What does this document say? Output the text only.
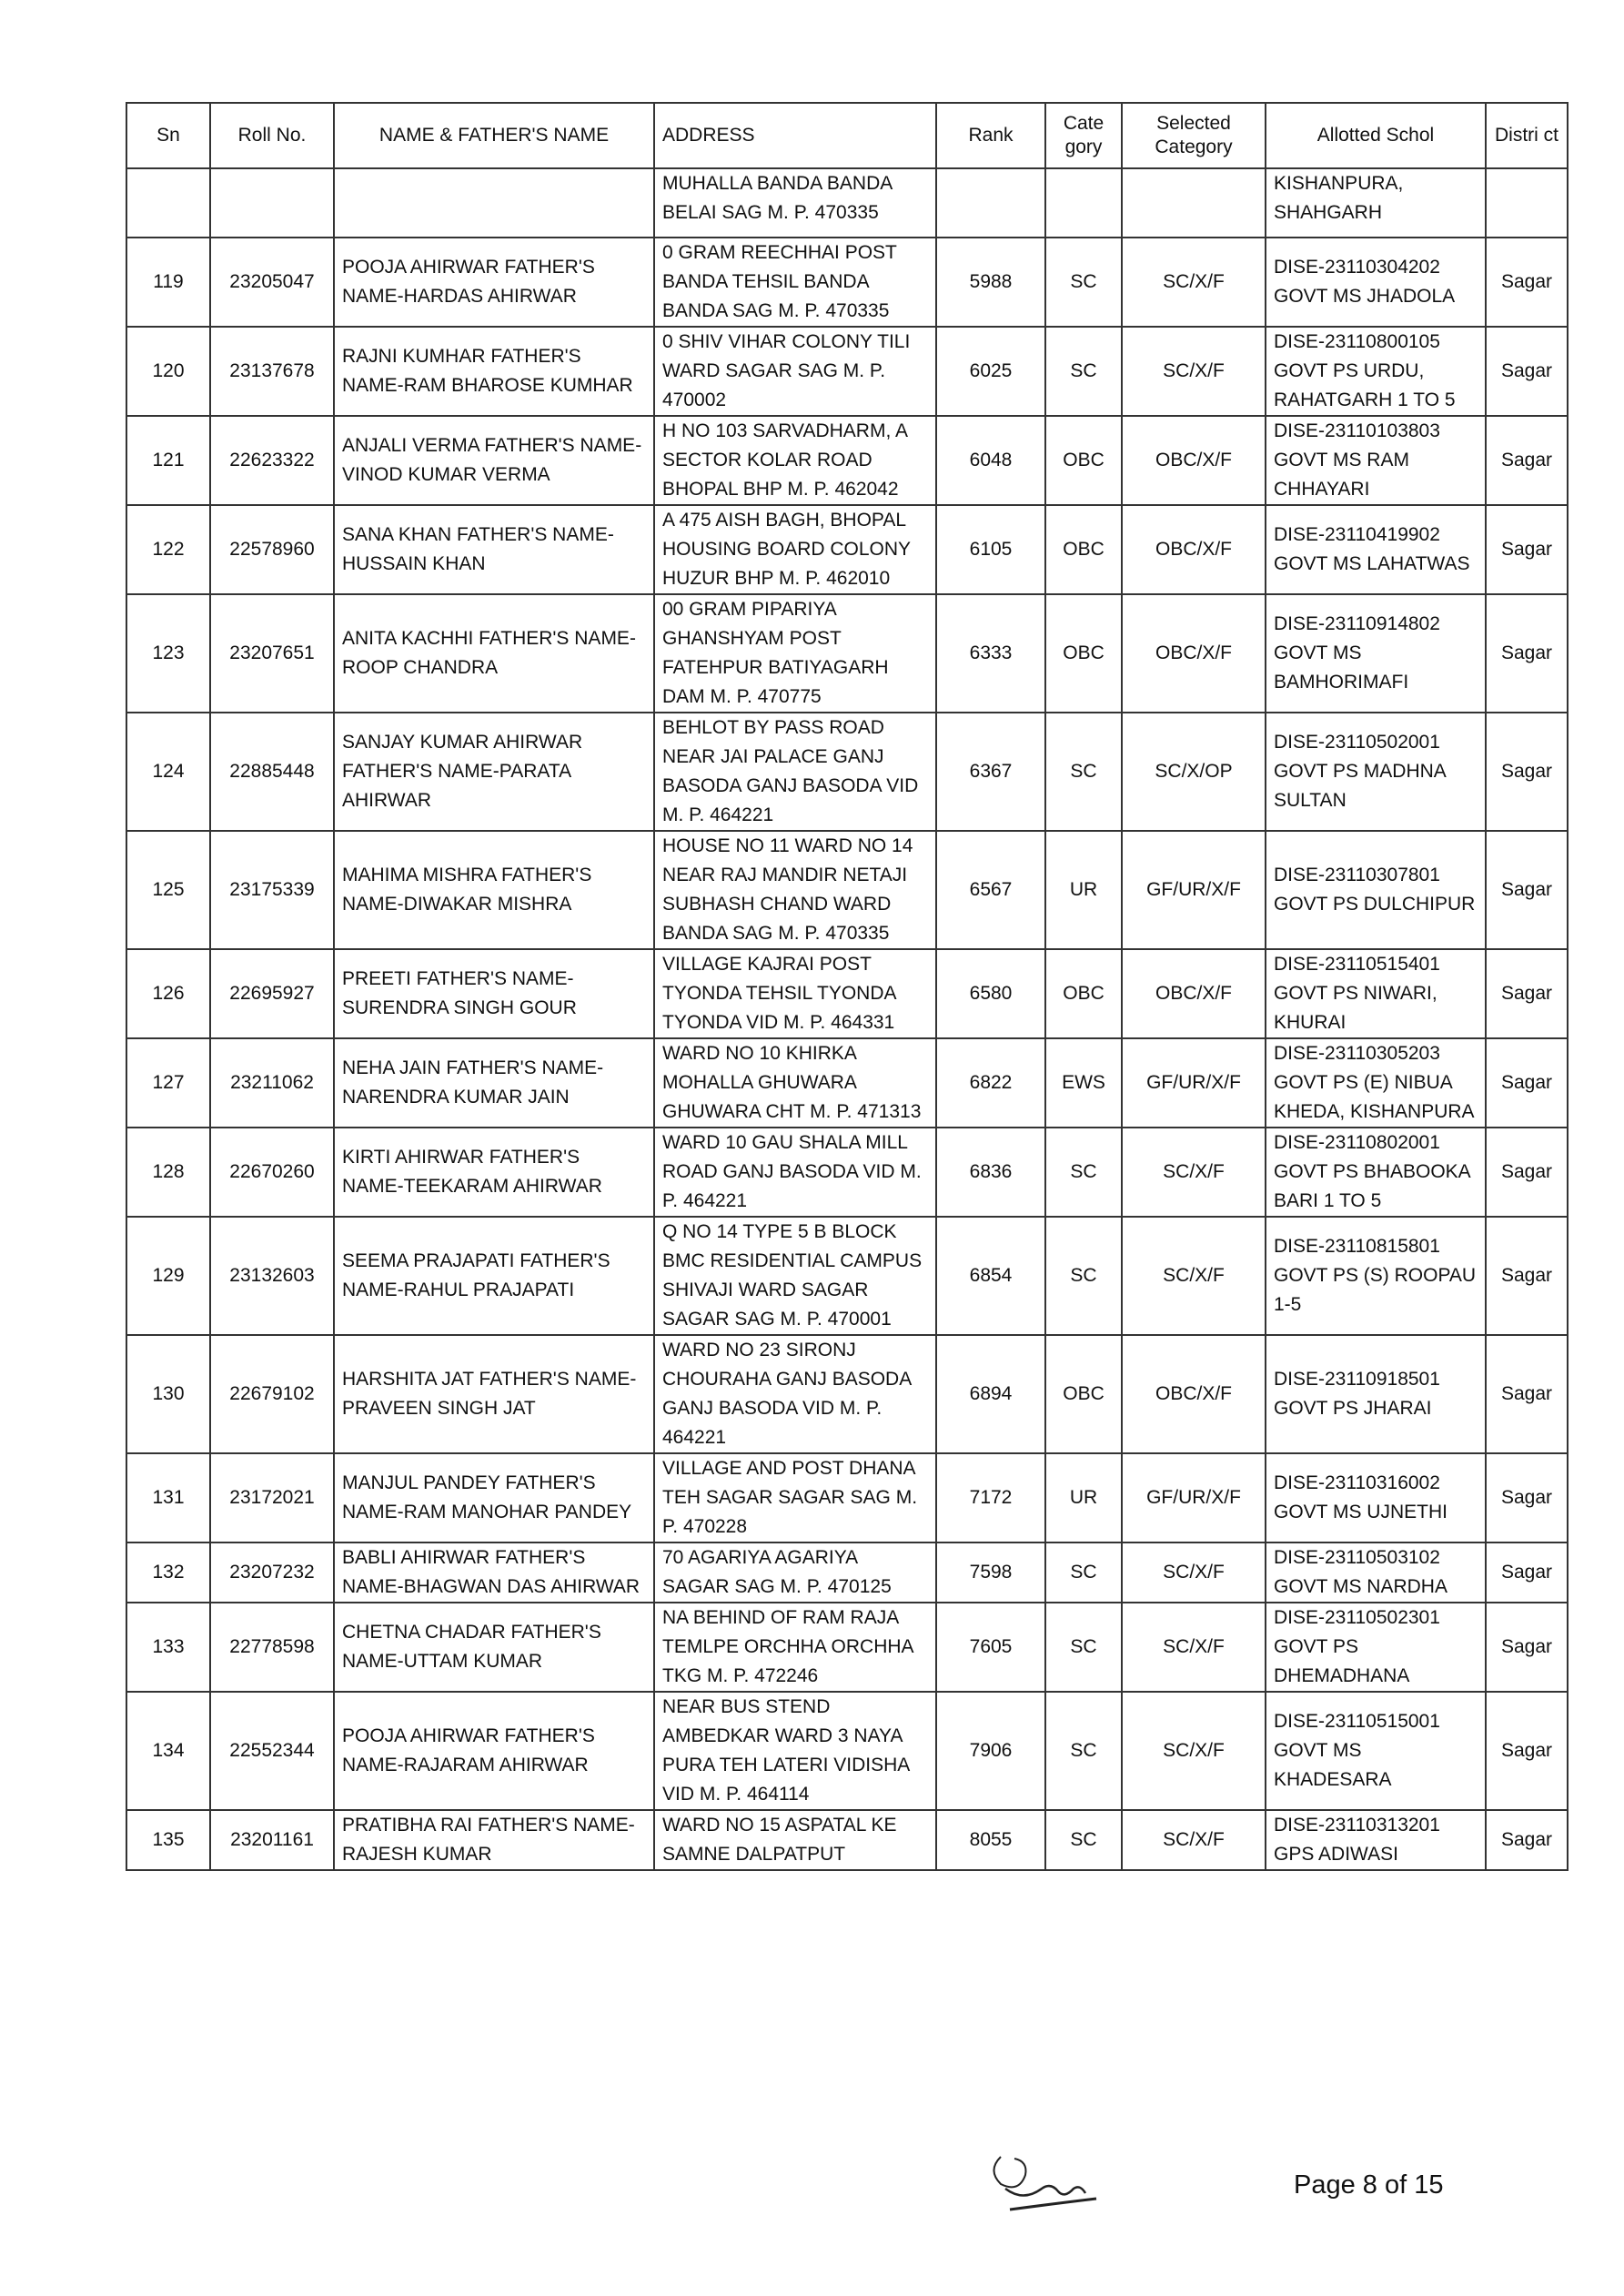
Sn	Roll No.	NAME & FATHER'S NAME	ADDRESS	Rank	Cate gory	Selected Category	Allotted Schol	Distri ct
			MUHALLA BANDA BANDA BELAI SAG M. P. 470335				KISHANPURA, SHAHGARH	
119	23205047	POOJA AHIRWAR FATHER'S NAME-HARDAS AHIRWAR	0 GRAM REECHHAI POST BANDA TEHSIL BANDA BANDA SAG M. P. 470335	5988	SC	SC/X/F	DISE-23110304202 GOVT MS JHADOLA	Sagar
120	23137678	RAJNI KUMHAR FATHER'S NAME-RAM BHAROSE KUMHAR	0 SHIV VIHAR COLONY TILI WARD SAGAR SAG M. P. 470002	6025	SC	SC/X/F	DISE-23110800105 GOVT PS URDU, RAHATGARH 1 TO 5	Sagar
121	22623322	ANJALI VERMA FATHER'S NAME-VINOD KUMAR VERMA	H NO 103 SARVADHARM, A SECTOR KOLAR ROAD BHOPAL BHP M. P. 462042	6048	OBC	OBC/X/F	DISE-23110103803 GOVT MS RAM CHHAYARI	Sagar
122	22578960	SANA KHAN FATHER'S NAME-HUSSAIN KHAN	A 475 AISH BAGH, BHOPAL HOUSING BOARD COLONY HUZUR BHP M. P. 462010	6105	OBC	OBC/X/F	DISE-23110419902 GOVT MS LAHATWAS	Sagar
123	23207651	ANITA KACHHI FATHER'S NAME-ROOP CHANDRA	00 GRAM PIPARIYA GHANSHYAM POST FATEHPUR BATIYAGARH DAM M. P. 470775	6333	OBC	OBC/X/F	DISE-23110914802 GOVT MS BAMHORIMAFI	Sagar
124	22885448	SANJAY KUMAR AHIRWAR FATHER'S NAME-PARATA AHIRWAR	BEHLOT BY PASS ROAD NEAR JAI PALACE GANJ BASODA GANJ BASODA VID M. P. 464221	6367	SC	SC/X/OP	DISE-23110502001 GOVT PS MADHNA SULTAN	Sagar
125	23175339	MAHIMA MISHRA FATHER'S NAME-DIWAKAR MISHRA	HOUSE NO 11 WARD NO 14 NEAR RAJ MANDIR NETAJI SUBHASH CHAND WARD BANDA SAG M. P. 470335	6567	UR	GF/UR/X/F	DISE-23110307801 GOVT PS DULCHIPUR	Sagar
126	22695927	PREETI FATHER'S NAME-SURENDRA SINGH GOUR	VILLAGE KAJRAI POST TYONDA TEHSIL TYONDA TYONDA VID M. P. 464331	6580	OBC	OBC/X/F	DISE-23110515401 GOVT PS NIWARI, KHURAI	Sagar
127	23211062	NEHA JAIN FATHER'S NAME-NARENDRA KUMAR JAIN	WARD NO 10 KHIRKA MOHALLA GHUWARA GHUWARA CHT M. P. 471313	6822	EWS	GF/UR/X/F	DISE-23110305203 GOVT PS (E) NIBUA KHEDA, KISHANPURA	Sagar
128	22670260	KIRTI AHIRWAR FATHER'S NAME-TEEKARAM AHIRWAR	WARD 10 GAU SHALA MILL ROAD GANJ BASODA VID M. P. 464221	6836	SC	SC/X/F	DISE-23110802001 GOVT PS BHABOOKA BARI 1 TO 5	Sagar
129	23132603	SEEMA PRAJAPATI FATHER'S NAME-RAHUL PRAJAPATI	Q NO 14 TYPE 5 B BLOCK BMC RESIDENTIAL CAMPUS SHIVAJI WARD SAGAR SAGAR SAG M. P. 470001	6854	SC	SC/X/F	DISE-23110815801 GOVT PS (S) ROOPAU 1-5	Sagar
130	22679102	HARSHITA JAT FATHER'S NAME-PRAVEEN SINGH JAT	WARD NO 23 SIRONJ CHOURAHA GANJ BASODA GANJ BASODA VID M. P. 464221	6894	OBC	OBC/X/F	DISE-23110918501 GOVT PS JHARAI	Sagar
131	23172021	MANJUL PANDEY FATHER'S NAME-RAM MANOHAR PANDEY	VILLAGE AND POST DHANA TEH SAGAR SAGAR SAG M. P. 470228	7172	UR	GF/UR/X/F	DISE-23110316002 GOVT MS UJNETHI	Sagar
132	23207232	BABLI AHIRWAR FATHER'S NAME-BHAGWAN DAS AHIRWAR	70 AGARIYA AGARIYA SAGAR SAG M. P. 470125	7598	SC	SC/X/F	DISE-23110503102 GOVT MS NARDHA	Sagar
133	22778598	CHETNA CHADAR FATHER'S NAME-UTTAM KUMAR	NA BEHIND OF RAM RAJA TEMLPE ORCHHA ORCHHA TKG M. P. 472246	7605	SC	SC/X/F	DISE-23110502301 GOVT PS DHEMADHANA	Sagar
134	22552344	POOJA AHIRWAR FATHER'S NAME-RAJARAM AHIRWAR	NEAR BUS STEND AMBEDKAR WARD 3 NAYA PURA TEH LATERI VIDISHA VID M. P. 464114	7906	SC	SC/X/F	DISE-23110515001 GOVT MS KHADESARA	Sagar
135	23201161	PRATIBHA RAI FATHER'S NAME-RAJESH KUMAR	WARD NO 15 ASPATAL KE SAMNE DALPATPUT	8055	SC	SC/X/F	DISE-23110313201 GPS ADIWASI	Sagar
Page 8 of 15
